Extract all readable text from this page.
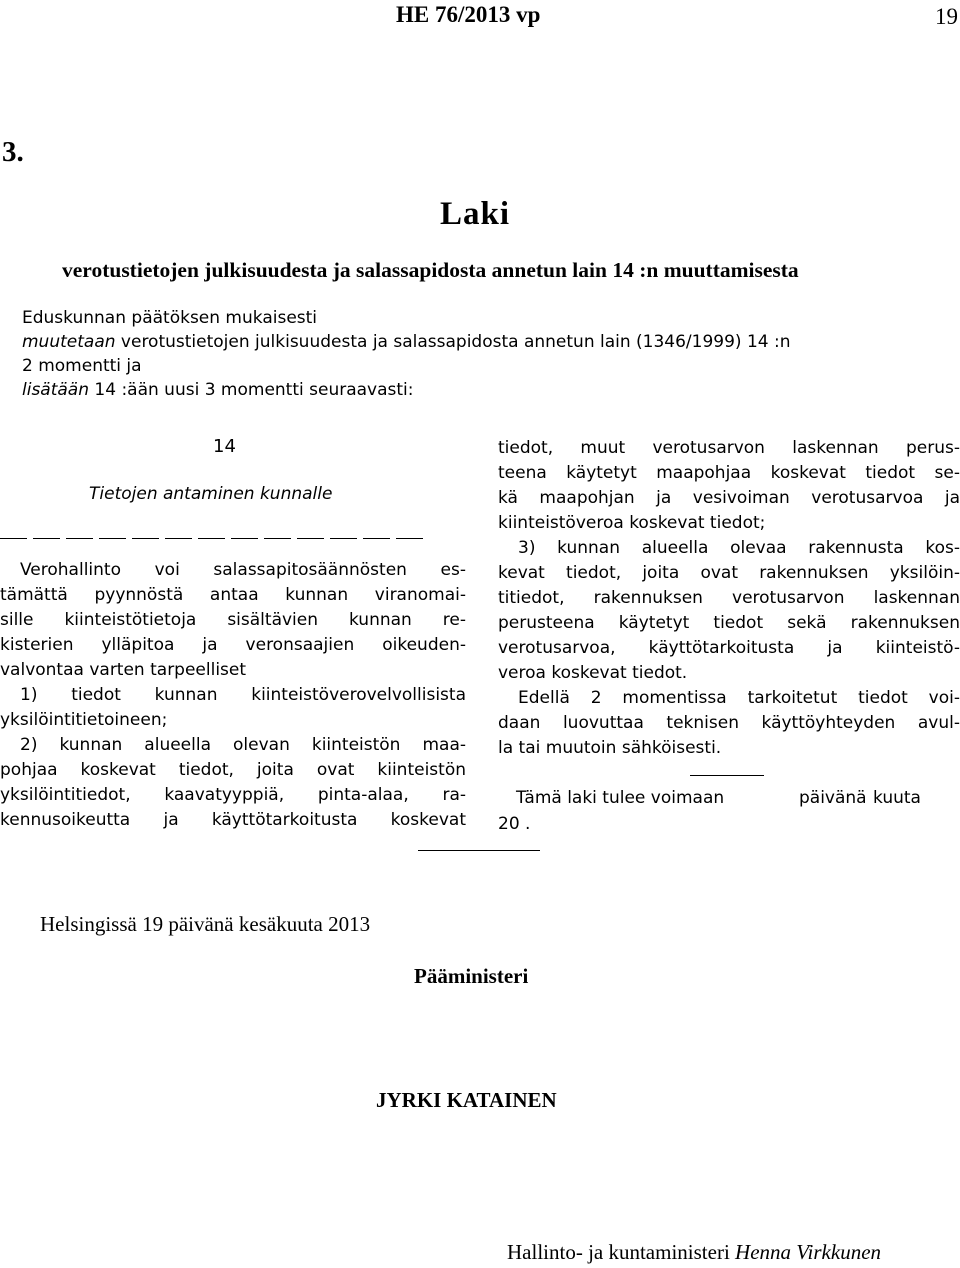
HE 76/2013 vp	19
3.
Laki
verotustietojen julkisuudesta ja salassapidosta annetun lain 14 :n muuttamisesta
Eduskunnan päätöksen mukaisesti
muutetaan verotustietojen julkisuudesta ja salassapidosta annetun lain (1346/1999) 14 :n
2 momentti ja
lisätään 14 :ään uusi 3 momentti seuraavasti:
14
Tietojen antaminen kunnalle
Verohallinto voi salassapitosäännösten es-
tämättä pyynnöstä antaa kunnan viranomai-
sille kiinteistötietoja sisältävien kunnan re-
kisterien ylläpitoa ja veronsaajien oikeuden-
valvontaa varten tarpeelliset
1) tiedot kunnan kiinteistöverovelvollisista
yksilöintitietoineen;
2) kunnan alueella olevan kiinteistön maa-
pohjaa koskevat tiedot, joita ovat kiinteistön
yksilöintitiedot, kaavatyyppiä, pinta-alaa, ra-
kennusoikeutta ja käyttötarkoitusta koskevat
tiedot, muut verotusarvon laskennan perus-
teena käytetyt maapohjaa koskevat tiedot se-
kä maapohjan ja vesivoiman verotusarvoa ja
kiinteistöveroa koskevat tiedot;
3) kunnan alueella olevaa rakennusta kos-
kevat tiedot, joita ovat rakennuksen yksilöin-
titiedot, rakennuksen verotusarvon laskennan
perusteena käytetyt tiedot sekä rakennuksen
verotusarvoa, käyttötarkoitusta ja kiinteistö-
veroa koskevat tiedot.
Edellä 2 momentissa tarkoitetut tiedot voi-
daan luovuttaa teknisen käyttöyhteyden avul-
la tai muutoin sähköisesti.
Tämä laki tulee voimaan	päivänä kuuta
20 .
Helsingissä 19 päivänä kesäkuuta 2013
Pääministeri
JYRKI KATAINEN
Hallinto- ja kuntaministeri Henna Virkkunen
